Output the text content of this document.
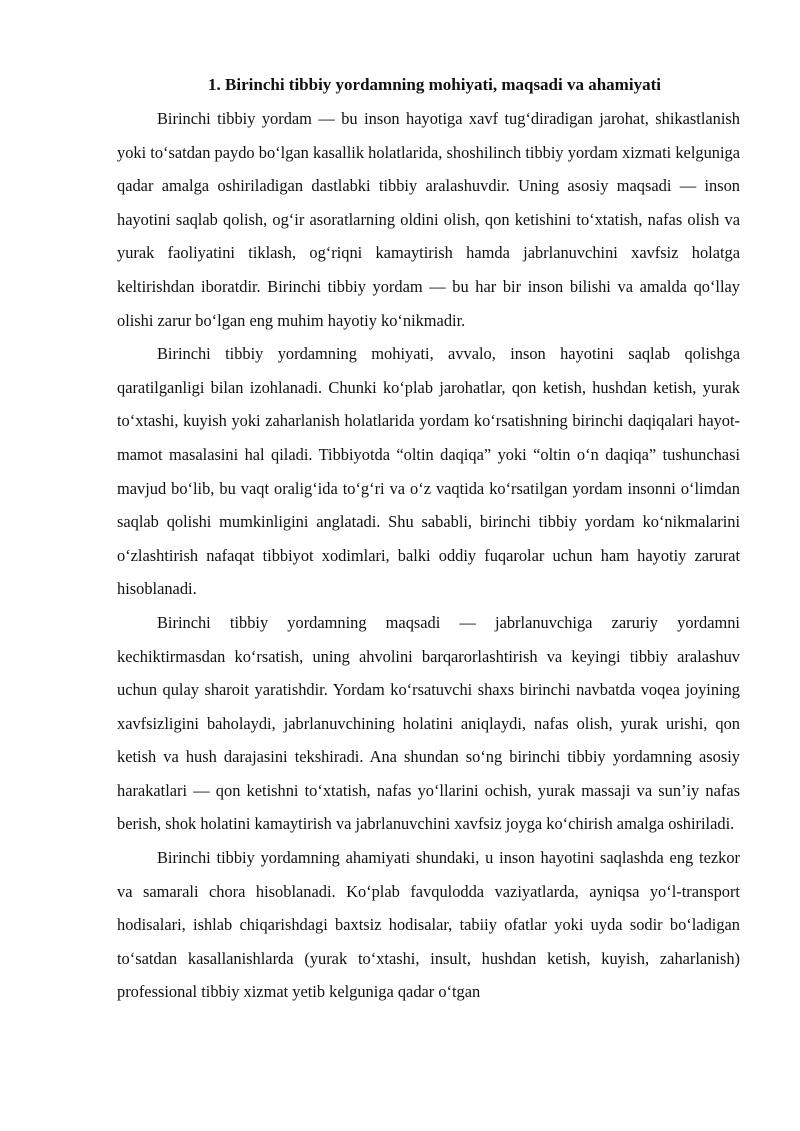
1. Birinchi tibbiy yordamning mohiyati, maqsadi va ahamiyati

Birinchi tibbiy yordam — bu inson hayotiga xavf tug‘diradigan jarohat, shikastlanish yoki to‘satdan paydo bo‘lgan kasallik holatlarida, shoshilinch tibbiy yordam xizmati kelguniga qadar amalga oshiriladigan dastlabki tibbiy aralashuvdir. Uning asosiy maqsadi — inson hayotini saqlab qolish, og‘ir asoratlarning oldini olish, qon ketishini to‘xtatish, nafas olish va yurak faoliyatini tiklash, og‘riqni kamaytirish hamda jabrlanuvchini xavfsiz holatga keltirishdan iboratdir. Birinchi tibbiy yordam — bu har bir inson bilishi va amalda qo‘llay olishi zarur bo‘lgan eng muhim hayotiy ko‘nikmadir.

Birinchi tibbiy yordamning mohiyati, avvalo, inson hayotini saqlab qolishga qaratilganligi bilan izohlanadi. Chunki ko‘plab jarohatlar, qon ketish, hushdan ketish, yurak to‘xtashi, kuyish yoki zaharlanish holatlarida yordam ko‘rsatishning birinchi daqiqalari hayot-mamot masalasini hal qiladi. Tibbiyotda “oltin daqiqa” yoki “oltin o‘n daqiqa” tushunchasi mavjud bo‘lib, bu vaqt oralig‘ida to‘g‘ri va o‘z vaqtida ko‘rsatilgan yordam insonni o‘limdan saqlab qolishi mumkinligini anglatadi. Shu sababli, birinchi tibbiy yordam ko‘nikmalarini o‘zlashtirish nafaqat tibbiyot xodimlari, balki oddiy fuqarolar uchun ham hayotiy zarurat hisoblanadi.

Birinchi tibbiy yordamning maqsadi — jabrlanuvchiga zaruriy yordamni kechiktirmasdan ko‘rsatish, uning ahvolini barqarorlashtirish va keyingi tibbiy aralashuv uchun qulay sharoit yaratishdir. Yordam ko‘rsatuvchi shaxs birinchi navbatda voqea joyining xavfsizligini baholaydi, jabrlanuvchining holatini aniqlaydi, nafas olish, yurak urishi, qon ketish va hush darajasini tekshiradi. Ana shundan so‘ng birinchi tibbiy yordamning asosiy harakatlari — qon ketishni to‘xtatish, nafas yo‘llarini ochish, yurak massaji va sun’iy nafas berish, shok holatini kamaytirish va jabrlanuvchini xavfsiz joyga ko‘chirish amalga oshiriladi.

Birinchi tibbiy yordamning ahamiyati shundaki, u inson hayotini saqlashda eng tezkor va samarali chora hisoblanadi. Ko‘plab favqulodda vaziyatlarda, ayniqsa yo‘l-transport hodisalari, ishlab chiqarishdagi baxtsiz hodisalar, tabiiy ofatlar yoki uyda sodir bo‘ladigan to‘satdan kasallanishlarda (yurak to‘xtashi, insult, hushdan ketish, kuyish, zaharlanish) professional tibbiy xizmat yetib kelguniga qadar o‘tgan
